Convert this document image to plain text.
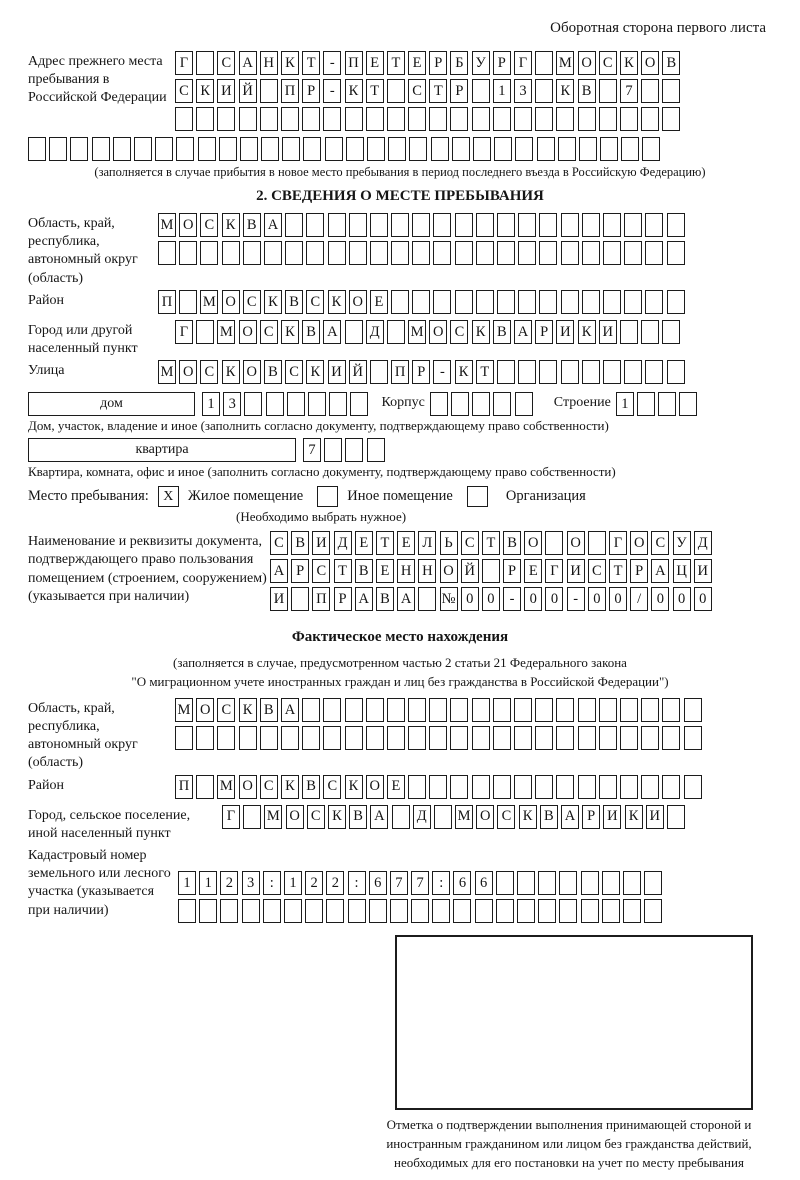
Оборотная сторона первого листа
Адрес прежнего места пребывания в Российской Федерации
Г	С А Н К Т - П Е Т Е Р Б У Р Г	М О С К О В
С К И Й П Р	- К Т	С Т Р	1 3	К В	7
(заполняется в случае прибытия в новое место пребывания в период последнего въезда в Российскую Федерацию)
2. СВЕДЕНИЯ О МЕСТЕ ПРЕБЫВАНИЯ
Область, край, республика, автономный округ (область)
М О С К В А
Район	П М О С К В С К О Е
Город или другой населенный пункт
Г	М О С К В А Д М О С К В А Р И К И
Улица	М О С К О В С К И Й П Р	- К Т
дом	1 3	Корпус	Строение 1
Дом, участок, владение и иное (заполнить согласно документу, подтверждающему право собственности)
квартира	7
Квартира, комната, офис и иное (заполнить согласно документу, подтверждающему право собственности)
Место пребывания:	X Жилое помещение	Иное помещение	Организация
(Необходимо выбрать нужное)
Наименование и реквизиты документа, подтверждающего право пользования помещением (строением, сооружением) (указывается при наличии)
С В И Д Е Т Е Л Ь С Т В О О	Г О С У Д
А Р С Т В Е Н Н О Й	Р Е Г И С Т Р А Ц И
И П Р А В А № 0 0	-	0 0	-	0 0	/	0 0 0
Фактическое место нахождения
(заполняется в случае, предусмотренном частью 2 статьи 21 Федерального закона
"О миграционном учете иностранных граждан и лиц без гражданства в Российской Федерации")
Область, край, республика, автономный округ (область)
М О С К В А
Район	П М О С К В С К О Е
Город, сельское поселение, иной населенный пункт
Г	М О С К В А Д М О С К В А Р И К И
Кадастровый номер земельного или лесного участка (указывается при наличии)
1 1 2 3	:	1 2 2	:	6 7 7	:	6 6
Отметка о подтверждении выполнения принимающей стороной и иностранным гражданином или лицом без гражданства действий, необходимых для его постановки на учет по месту пребывания
